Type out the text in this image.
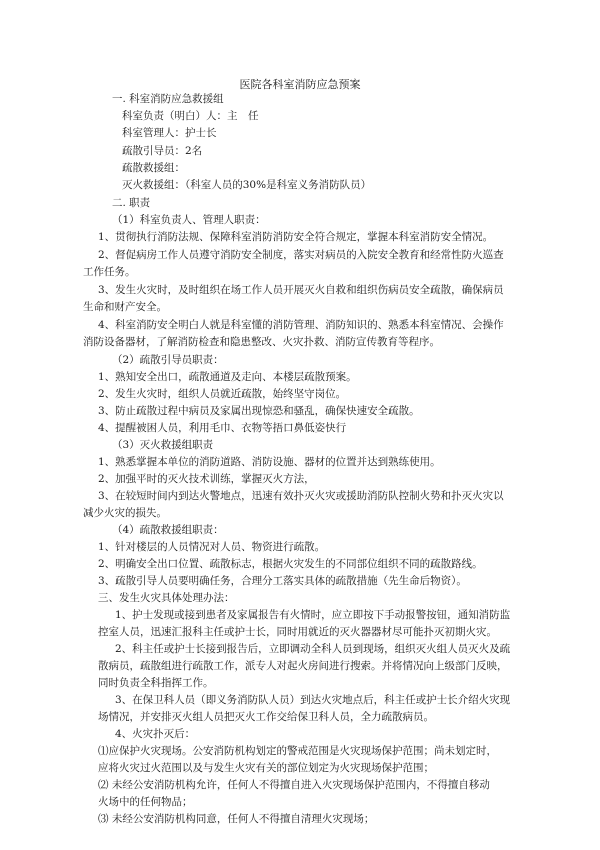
医院各科室消防应急预案
一. 科室消防应急救援组
科室负责（明白）人：主　任
科室管理人：护士长
疏散引导员：2名
疏散救援组：
灭火救援组：（科室人员的30%是科室义务消防队员）
二. 职责
（1）科室负责人、管理人职责：
1、贯彻执行消防法规、保障科室消防消防安全符合规定，掌握本科室消防安全情况。
2、督促病房工作人员遵守消防安全制度，落实对病员的入院安全教育和经常性防火巡查
工作任务。
3、发生火灾时，及时组织在场工作人员开展灭火自救和组织伤病员安全疏散，确保病员
生命和财产安全。
4、科室消防安全明白人就是科室懂的消防管理、消防知识的、熟悉本科室情况、会操作
消防设备器材，了解消防检查和隐患整改、火灾扑救、消防宣传教育等程序。
（2）疏散引导员职责：
1、熟知安全出口，疏散通道及走向、本楼层疏散预案。
2、发生火灾时，组织人员就近疏散，始终坚守岗位。
3、防止疏散过程中病员及家属出现惊恐和骚乱，确保快速安全疏散。
4、提醒被困人员，利用毛巾、衣物等捂口鼻低姿快行
（3）灭火救援组职责
1、熟悉掌握本单位的消防道路、消防设施、器材的位置并达到熟练使用。
2、加强平时的灭火技术训练，掌握灭火方法，
3、在较短时间内到达火警地点，迅速有效扑灭火灾或援助消防队控制火势和扑灭火灾以
减少火灾的损失。
（4）疏散救援组职责：
1、针对楼层的人员情况对人员、物资进行疏散。
2、明确安全出口位置、疏散标志，根据火灾发生的不同部位组织不同的疏散路线。
3、疏散引导人员要明确任务，合理分工落实具体的疏散措施（先生命后物资）。
三、发生火灾具体处理办法：
1、护士发现或接到患者及家属报告有火情时，应立即按下手动报警按钮，通知消防监
控室人员，迅速汇报科主任或护士长，同时用就近的灭火器器材尽可能扑灭初期火灾。
2、科主任或护士长接到报告后，立即调动全科人员到现场，组织灭火组人员灭火及疏
散病员，疏散组进行疏散工作，派专人对起火房间进行搜索。并将情况向上级部门反映，
同时负责全科指挥工作。
3、在保卫科人员（即义务消防队人员）到达火灾地点后，科主任或护士长介绍火灾现
场情况，并安排灭火组人员把灭火工作交给保卫科人员，全力疏散病员。
4、火灾扑灭后：
⑴应保护火灾现场。公安消防机构划定的警戒范围是火灾现场保护范围；尚未划定时，
应将火灾过火范围以及与发生火灾有关的部位划定为火灾现场保护范围；
⑵ 未经公安消防机构允许，任何人不得擅自进入火灾现场保护范围内，不得擅自移动
火场中的任何物品；
⑶ 未经公安消防机构同意，任何人不得擅自清理火灾现场；
